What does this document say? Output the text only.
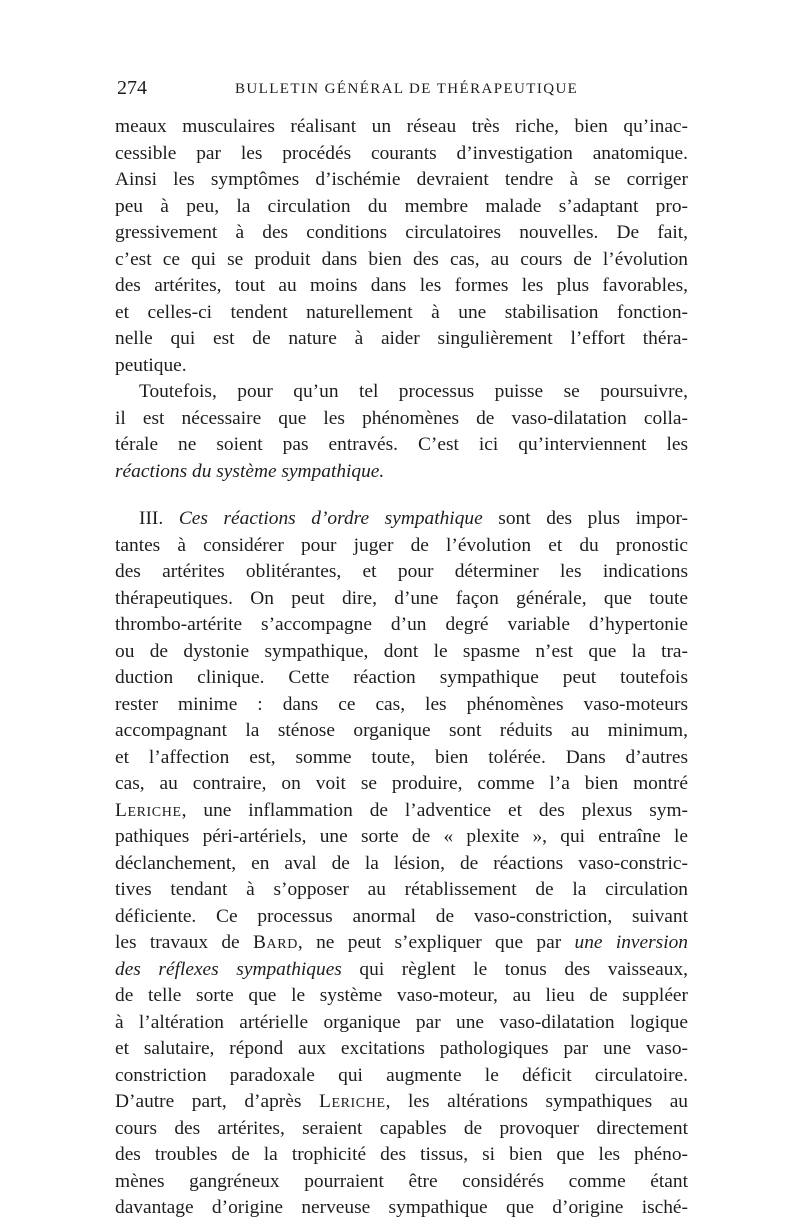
274	BULLETIN GÉNÉRAL DE THÉRAPEUTIQUE
meaux musculaires réalisant un réseau très riche, bien qu’inac-
cessible par les procédés courants d’investigation anatomique.
Ainsi les symptômes d’ischémie devraient tendre à se corriger
peu à peu, la circulation du membre malade s’adaptant pro-
gressivement à des conditions circulatoires nouvelles. De fait,
c’est ce qui se produit dans bien des cas, au cours de l’évolution
des artérites, tout au moins dans les formes les plus favorables,
et celles-ci tendent naturellement à une stabilisation fonction-
nelle qui est de nature à aider singulièrement l’effort théra-
peutique.
Toutefois, pour qu’un tel processus puisse se poursuivre,
il est nécessaire que les phénomènes de vaso-dilatation colla-
térale ne soient pas entravés. C’est ici qu’interviennent les
réactions du système sympathique.
III. Ces réactions d’ordre sympathique sont des plus impor-
tantes à considérer pour juger de l’évolution et du pronostic
des artérites oblitérantes, et pour déterminer les indications
thérapeutiques. On peut dire, d’une façon générale, que toute
thrombo-artérite s’accompagne d’un degré variable d’hypertonie
ou de dystonie sympathique, dont le spasme n’est que la tra-
duction clinique. Cette réaction sympathique peut toutefois
rester minime : dans ce cas, les phénomènes vaso-moteurs
accompagnant la sténose organique sont réduits au minimum,
et l’affection est, somme toute, bien tolérée. Dans d’autres
cas, au contraire, on voit se produire, comme l’a bien montré
Leriche, une inflammation de l’adventice et des plexus sym-
pathiques péri-artériels, une sorte de « plexite », qui entraîne le
déclanchement, en aval de la lésion, de réactions vaso-constric-
tives tendant à s’opposer au rétablissement de la circulation
déficiente. Ce processus anormal de vaso-constriction, suivant
les travaux de Bard, ne peut s’expliquer que par une inversion
des réflexes sympathiques qui règlent le tonus des vaisseaux,
de telle sorte que le système vaso-moteur, au lieu de suppléer
à l’altération artérielle organique par une vaso-dilatation logique
et salutaire, répond aux excitations pathologiques par une vaso-
constriction paradoxale qui augmente le déficit circulatoire.
D’autre part, d’après Leriche, les altérations sympathiques au
cours des artérites, seraient capables de provoquer directement
des troubles de la trophicité des tissus, si bien que les phéno-
mènes gangréneux pourraient être considérés comme étant
davantage d’origine nerveuse sympathique que d’origine isché-
